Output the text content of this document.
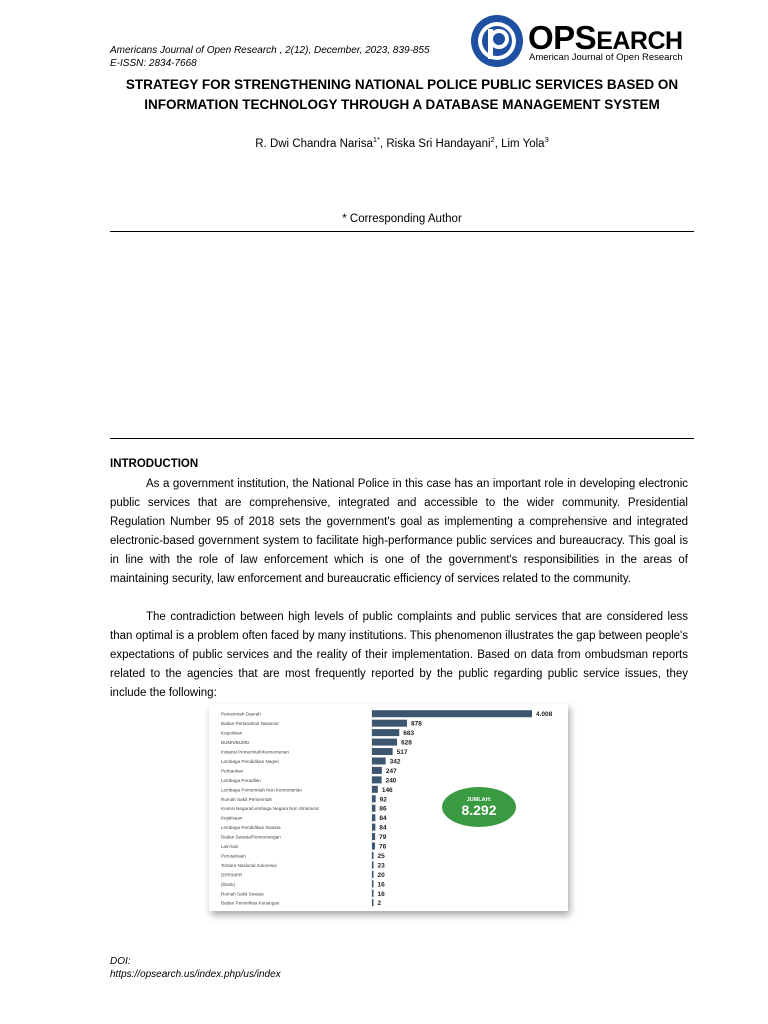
Americans Journal of Open Research , 2(12), December, 2023, 839-855
E-ISSN: 2834-7668
OPSEARCH
American Journal of Open Research
STRATEGY FOR STRENGTHENING NATIONAL POLICE PUBLIC SERVICES BASED ON INFORMATION TECHNOLOGY THROUGH A DATABASE MANAGEMENT SYSTEM
R. Dwi Chandra Narisa$^{1*}$, Riska Sri Handayani$^2$, Lim Yola$^3$
* Corresponding Author
INTRODUCTION

As a government institution, the National Police in this case has an important role in developing electronic public services that are comprehensive, integrated and accessible to the wider community. Presidential Regulation Number 95 of 2018 sets the government's goal as implementing a comprehensive and integrated electronic-based government system to facilitate high-performance public services and bureaucracy. This goal is in line with the role of law enforcement which is one of the government's responsibilities in the areas of maintaining security, law enforcement and bureaucratic efficiency of services related to the community.

The contradiction between high levels of public complaints and public services that are considered less than optimal is a problem often faced by many institutions. This phenomenon illustrates the gap between people's expectations of public services and the reality of their implementation. Based on data from ombudsman reports related to the agencies that are most frequently reported by the public regarding public service issues, they include the following:

Pemerintah Daerah	4.008
Badan Pertanahan Nasional	878
Kepolisian	683
BUMN/BUMD	628
Instansi Pemerintah/Kementerian	517
Lembaga Pendidikan Negeri	342
Perbankan	247
Lembaga Peradilan	240
Lembaga Pemerintah Non Kementerian	146
Rumah Sakit Pemerintah	92
Komisi Negara/Lembaga Negara Non Struktural	86
Kejaksaan	84
Lembaga Pendidikan Swasta	84
Badan Swasta/Perseorangan	79
Lain-lain	76
Perusahaan	25
Tentara Nasional Indonesia	23
DPR/MPR	20
(blank)	16
Rumah Sakit Swasta	16
Badan Pemeriksa Keuangan	2
JUMLAH:
8.292
DOI:
https://opsearch.us/index.php/us/index
